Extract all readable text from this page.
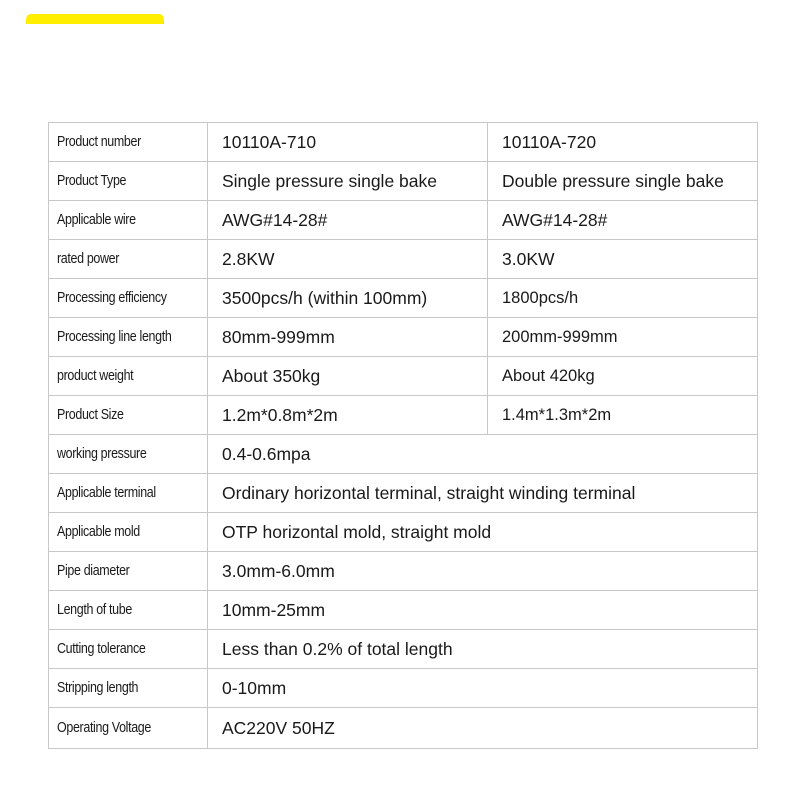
Product number	10110A-710	10110A-720
Product Type	Single pressure single bake	Double pressure single bake
Applicable wire	AWG#14-28#	AWG#14-28#
rated power	2.8KW	3.0KW
Processing efficiency	3500pcs/h (within 100mm)	1800pcs/h
Processing line length	80mm-999mm	200mm-999mm
product weight	About 350kg	About 420kg
Product Size	1.2m*0.8m*2m	1.4m*1.3m*2m
working pressure	0.4-0.6mpa	
Applicable terminal	Ordinary horizontal terminal, straight winding terminal	
Applicable mold	OTP horizontal mold, straight mold	
Pipe diameter	3.0mm-6.0mm	
Length of tube	10mm-25mm	
Cutting tolerance	Less than 0.2% of total length	
Stripping length	0-10mm	
Operating Voltage	AC220V 50HZ	
